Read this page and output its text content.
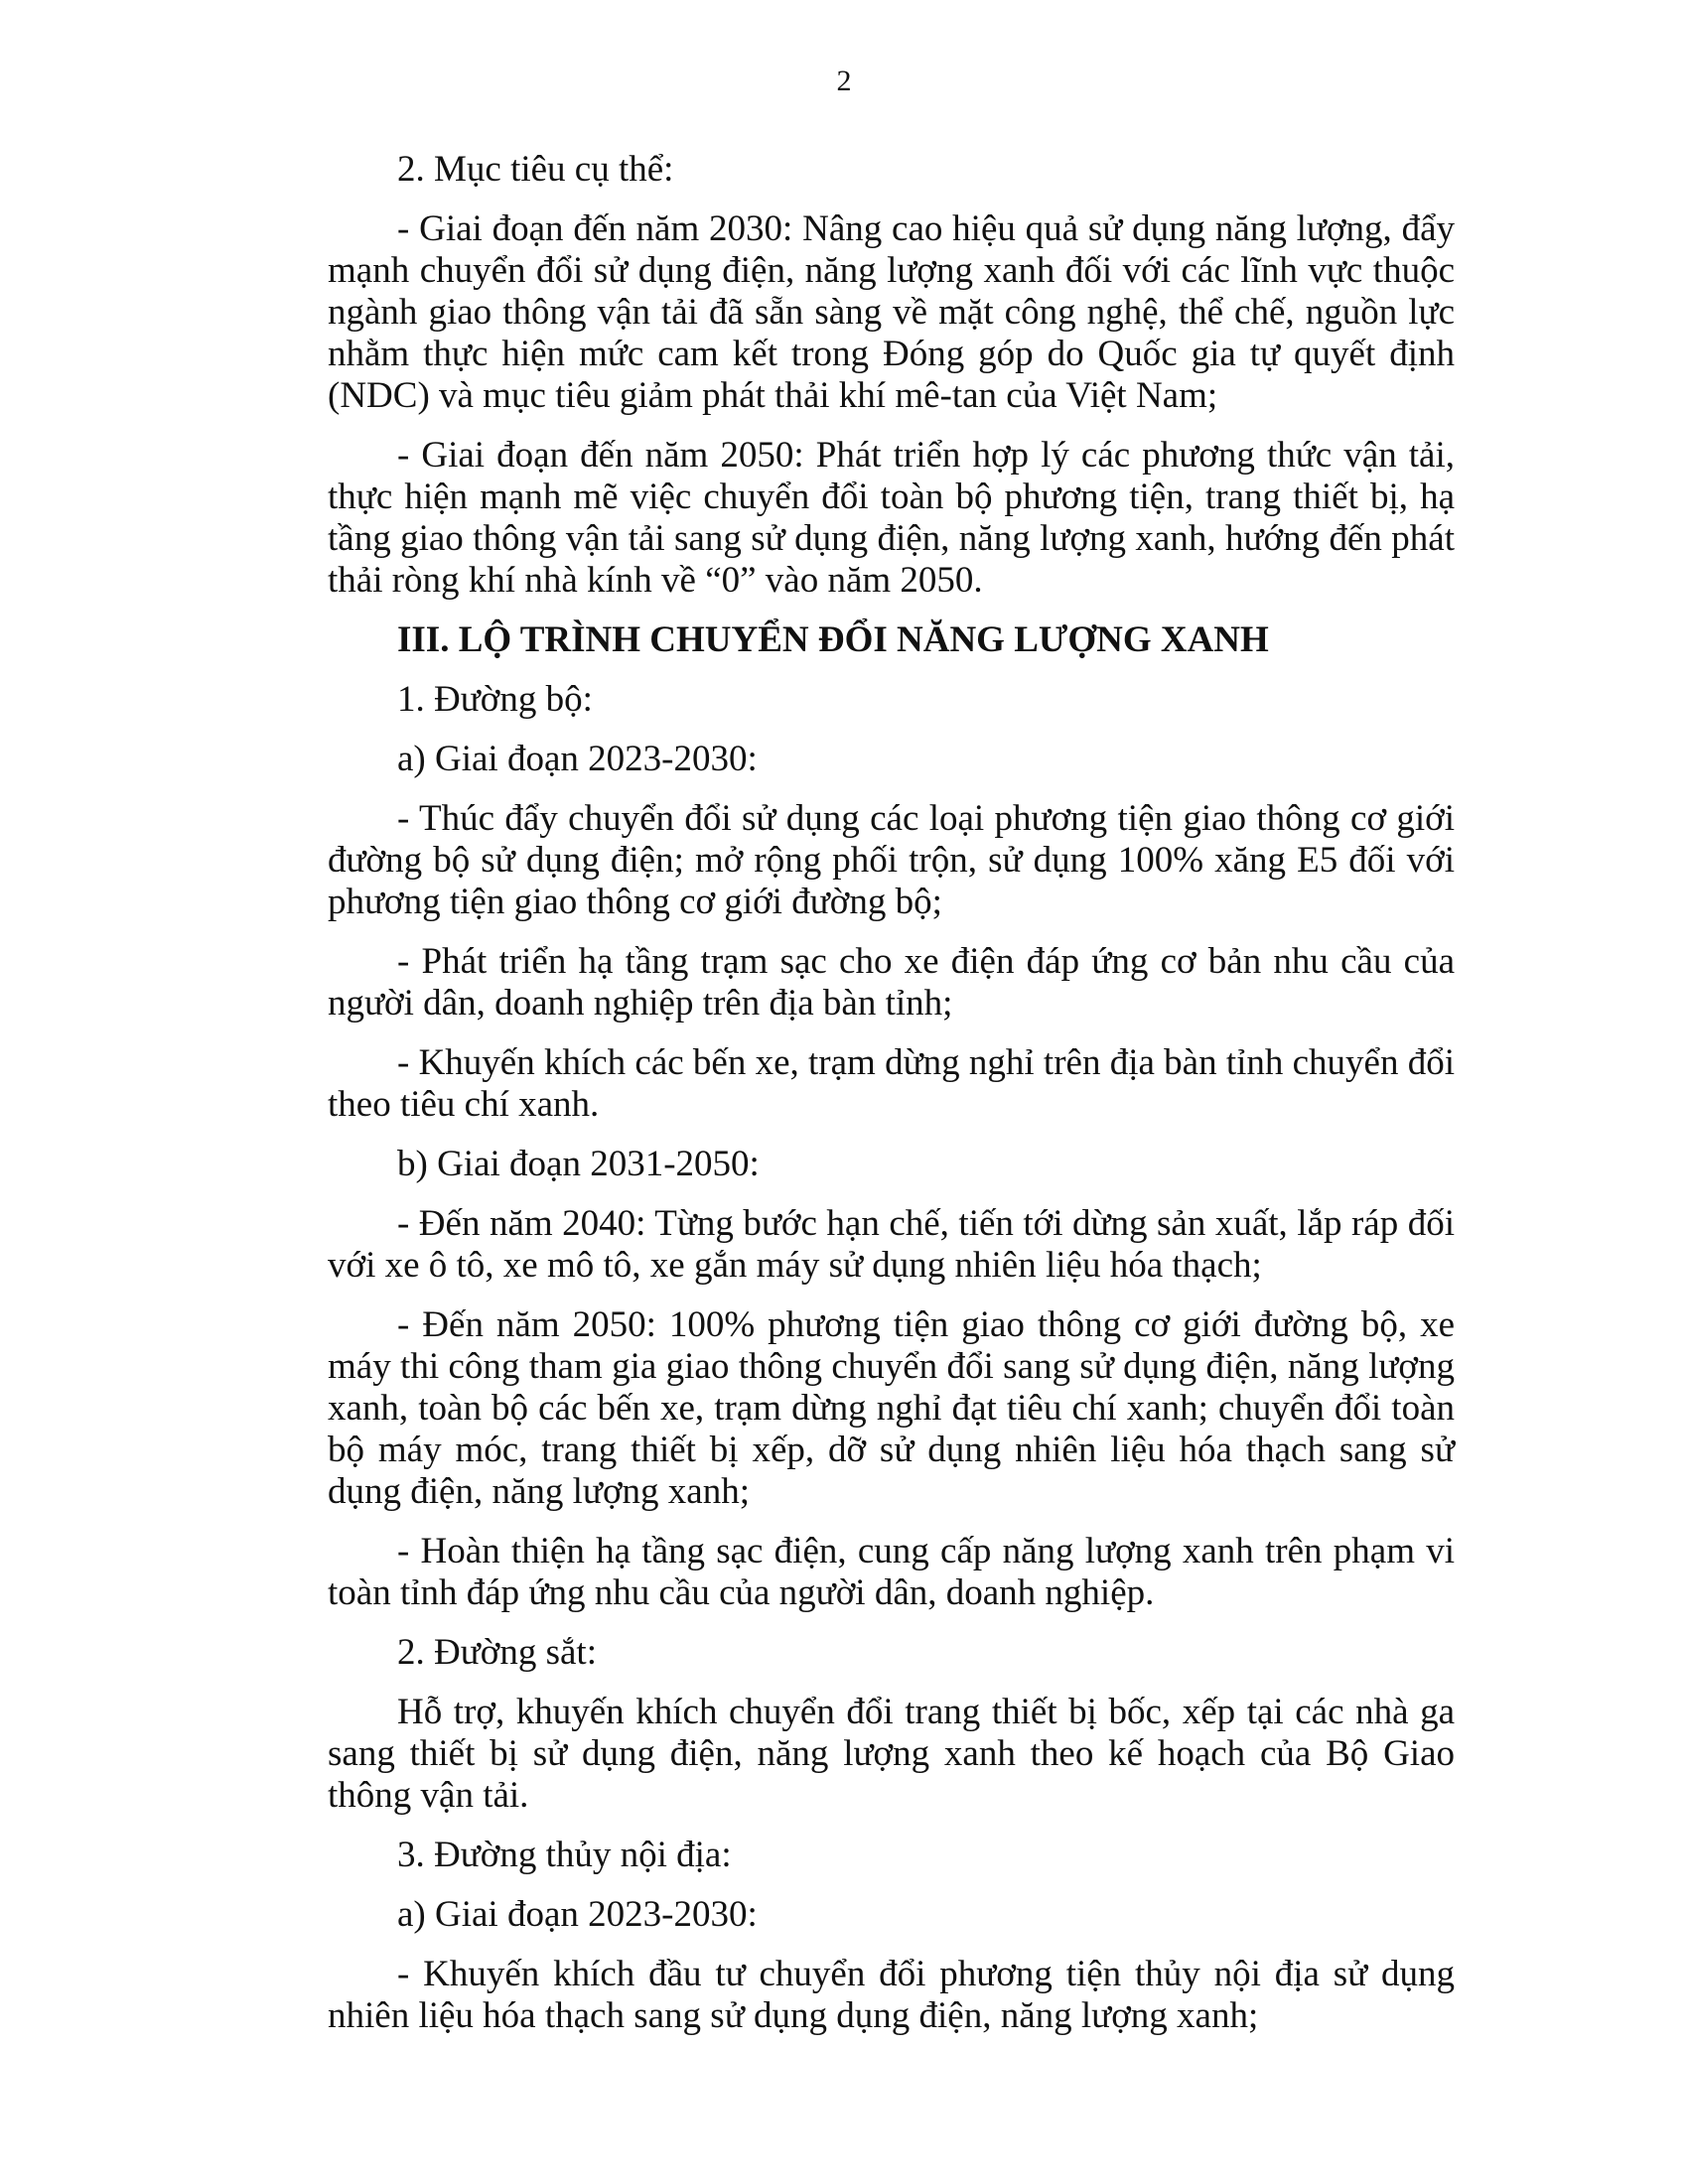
2

2. Mục tiêu cụ thể:

- Giai đoạn đến năm 2030: Nâng cao hiệu quả sử dụng năng lượng, đẩy mạnh chuyển đổi sử dụng điện, năng lượng xanh đối với các lĩnh vực thuộc ngành giao thông vận tải đã sẵn sàng về mặt công nghệ, thể chế, nguồn lực nhằm thực hiện mức cam kết trong Đóng góp do Quốc gia tự quyết định (NDC) và mục tiêu giảm phát thải khí mê-tan của Việt Nam;

- Giai đoạn đến năm 2050: Phát triển hợp lý các phương thức vận tải, thực hiện mạnh mẽ việc chuyển đổi toàn bộ phương tiện, trang thiết bị, hạ tầng giao thông vận tải sang sử dụng điện, năng lượng xanh, hướng đến phát thải ròng khí nhà kính về “0” vào năm 2050.

III. LỘ TRÌNH CHUYỂN ĐỔI NĂNG LƯỢNG XANH

1. Đường bộ:

a) Giai đoạn 2023-2030:

- Thúc đẩy chuyển đổi sử dụng các loại phương tiện giao thông cơ giới đường bộ sử dụng điện; mở rộng phối trộn, sử dụng 100% xăng E5 đối với phương tiện giao thông cơ giới đường bộ;

- Phát triển hạ tầng trạm sạc cho xe điện đáp ứng cơ bản nhu cầu của người dân, doanh nghiệp trên địa bàn tỉnh;

- Khuyến khích các bến xe, trạm dừng nghỉ trên địa bàn tỉnh chuyển đổi theo tiêu chí xanh.

b) Giai đoạn 2031-2050:

- Đến năm 2040: Từng bước hạn chế, tiến tới dừng sản xuất, lắp ráp đối với xe ô tô, xe mô tô, xe gắn máy sử dụng nhiên liệu hóa thạch;

- Đến năm 2050: 100% phương tiện giao thông cơ giới đường bộ, xe máy thi công tham gia giao thông chuyển đổi sang sử dụng điện, năng lượng xanh, toàn bộ các bến xe, trạm dừng nghỉ đạt tiêu chí xanh; chuyển đổi toàn bộ máy móc, trang thiết bị xếp, dỡ sử dụng nhiên liệu hóa thạch sang sử dụng điện, năng lượng xanh;

- Hoàn thiện hạ tầng sạc điện, cung cấp năng lượng xanh trên phạm vi toàn tỉnh đáp ứng nhu cầu của người dân, doanh nghiệp.

2. Đường sắt:

Hỗ trợ, khuyến khích chuyển đổi trang thiết bị bốc, xếp tại các nhà ga sang thiết bị sử dụng điện, năng lượng xanh theo kế hoạch của Bộ Giao thông vận tải.

3. Đường thủy nội địa:

a) Giai đoạn 2023-2030:

- Khuyến khích đầu tư chuyển đổi phương tiện thủy nội địa sử dụng nhiên liệu hóa thạch sang sử dụng dụng điện, năng lượng xanh;
